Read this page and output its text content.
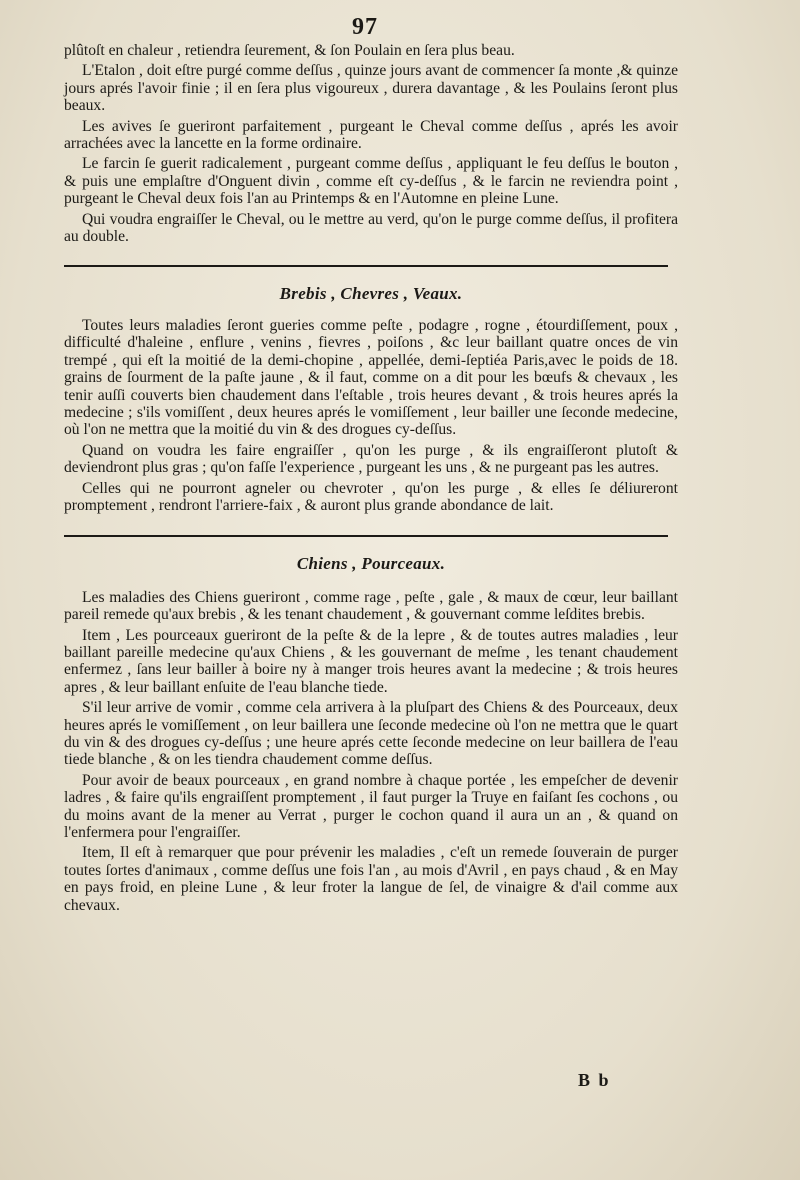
97

plûtoſt en chaleur , retiendra ſeurement, & ſon Poulain en ſera plus beau.

L'Etalon , doit eſtre purgé comme deſſus , quinze jours avant de commencer ſa monte ,& quinze jours aprés l'avoir finie ; il en ſera plus vigoureux , durera davantage , & les Poulains ſeront plus beaux.

Les avives ſe gueriront parfaitement , purgeant le Cheval comme deſſus , aprés les avoir arrachées avec la lancette en la forme ordinaire.

Le farcin ſe guerit radicalement , purgeant comme deſſus , appliquant le feu deſſus le bouton , & puis une emplaſtre d'Onguent divin , comme eſt cy-deſſus , & le farcin ne reviendra point , purgeant le Cheval deux fois l'an au Printemps & en l'Automne en pleine Lune.

Qui voudra engraiſſer le Cheval, ou le mettre au verd, qu'on le purge comme deſſus, il profitera au double.

Brebis , Chevres , Veaux.

Toutes leurs maladies ſeront gueries comme peſte , podagre , rogne , étourdiſſement, poux , difficulté d'haleine , enflure , venins , fievres , poiſons , &c leur baillant quatre onces de vin trempé , qui eſt la moitié de la demi-chopine , appellée, demi-ſeptiéa Paris,avec le poids de 18. grains de ſourment de la paſte jaune , & il faut, comme on a dit pour les bœufs & chevaux , les tenir auſſi couverts bien chaudement dans l'eſtable , trois heures devant , & trois heures aprés la medecine ; s'ils vomiſſent , deux heures aprés le vomiſſement , leur bailler une ſeconde medecine, où l'on ne mettra que la moitié du vin & des drogues cy-deſſus.

Quand on voudra les faire engraiſſer , qu'on les purge , & ils engraiſſeront plutoſt & deviendront plus gras ; qu'on faſſe l'experience , purgeant les uns , & ne purgeant pas les autres.

Celles qui ne pourront agneler ou chevroter , qu'on les purge , & elles ſe déliureront promptement , rendront l'arriere-faix , & auront plus grande abondance de lait.

Chiens , Pourceaux.

Les maladies des Chiens gueriront , comme rage , peſte , gale , & maux de cœur, leur baillant pareil remede qu'aux brebis , & les tenant chaudement , & gouvernant comme leſdites brebis.

Item , Les pourceaux gueriront de la peſte & de la lepre , & de toutes autres maladies , leur baillant pareille medecine qu'aux Chiens , & les gouvernant de meſme , les tenant chaudement enfermez , ſans leur bailler à boire ny à manger trois heures avant la medecine ; & trois heures apres , & leur baillant enſuite de l'eau blanche tiede.

S'il leur arrive de vomir , comme cela arrivera à la pluſpart des Chiens & des Pourceaux, deux heures aprés le vomiſſement , on leur baillera une ſeconde medecine où l'on ne mettra que le quart du vin & des drogues cy-deſſus ; une heure aprés cette ſeconde medecine on leur baillera de l'eau tiede blanche , & on les tiendra chaudement comme deſſus.

Pour avoir de beaux pourceaux , en grand nombre à chaque portée , les empeſcher de devenir ladres , & faire qu'ils engraiſſent promptement , il faut purger la Truye en faiſant ſes cochons , ou du moins avant de la mener au Verrat , purger le cochon quand il aura un an , & quand on l'enfermera pour l'engraiſſer.

Item, Il eſt à remarquer que pour prévenir les maladies , c'eſt un remede ſouverain de purger toutes ſortes d'animaux , comme deſſus une fois l'an , au mois d'Avril , en pays chaud , & en May en pays froid, en pleine Lune , & leur froter la langue de ſel, de vinaigre & d'ail comme aux chevaux.

B b
